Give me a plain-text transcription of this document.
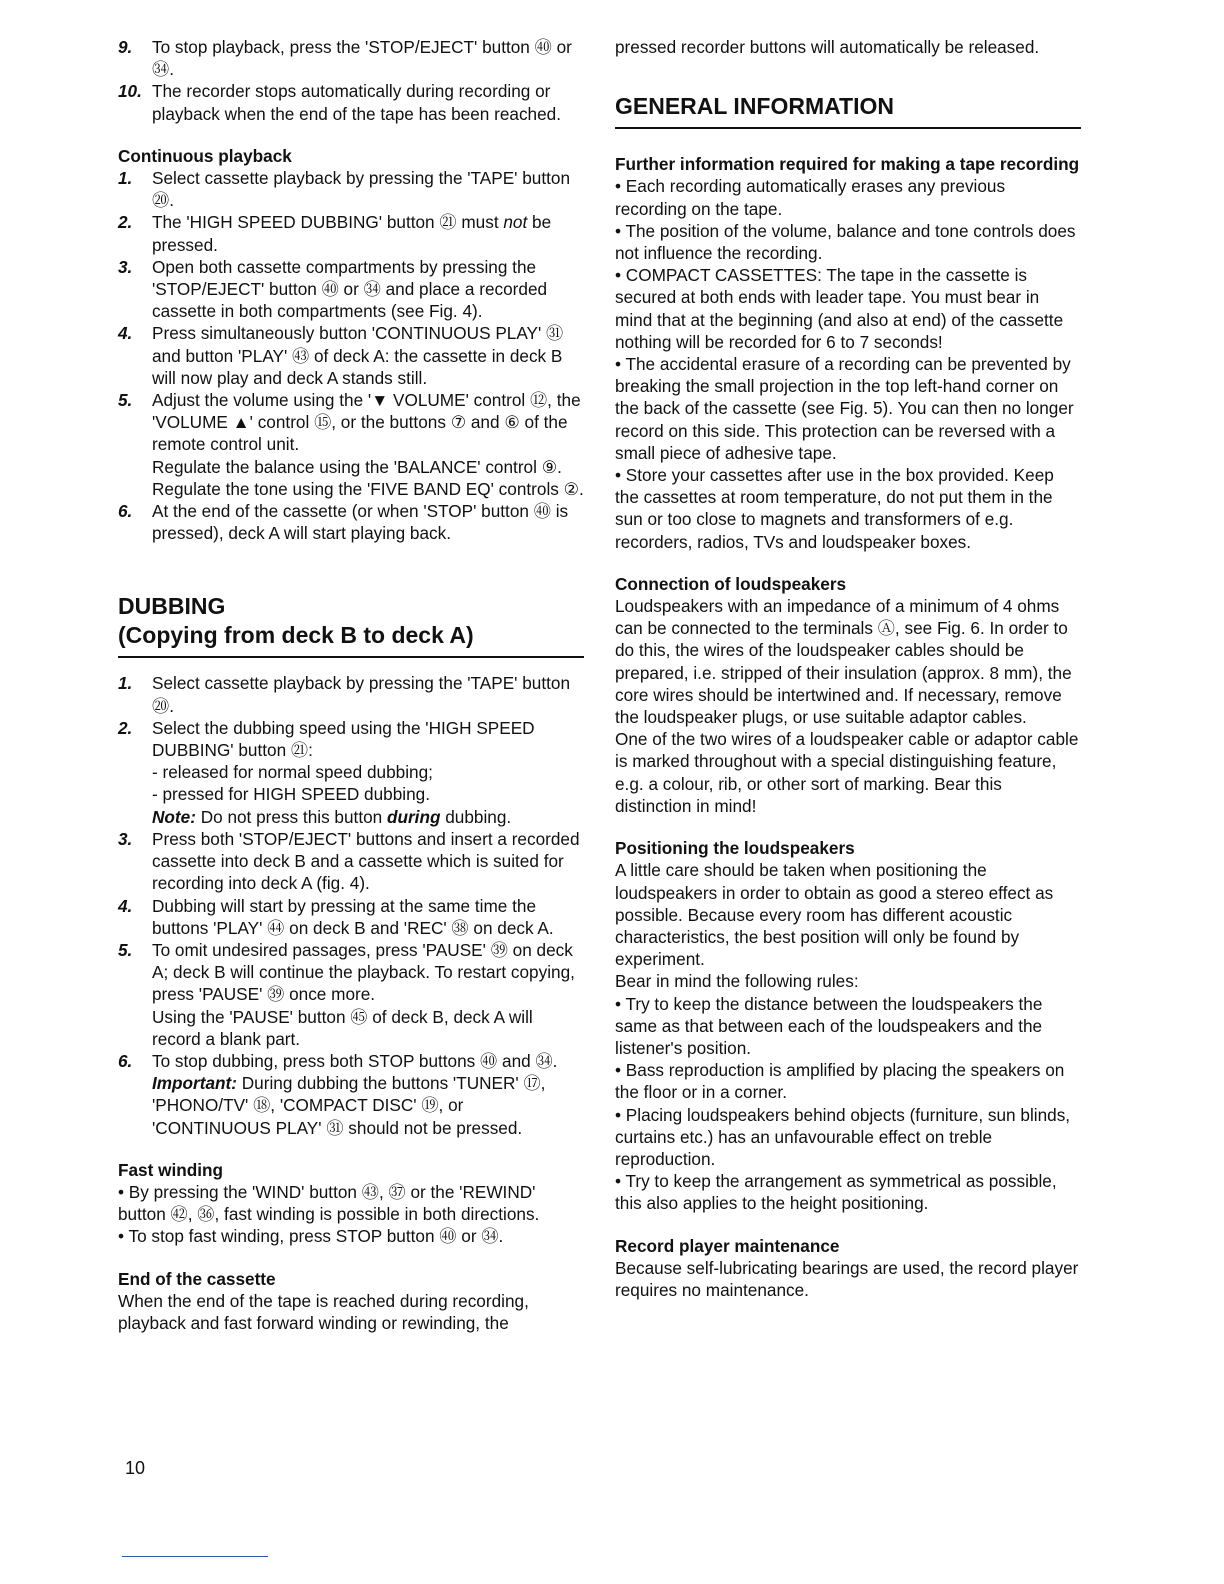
9. To stop playback, press the 'STOP/EJECT' button ㊵ or ㉞.
10. The recorder stops automatically during recording or playback when the end of the tape has been reached.

Continuous playback

1. Select cassette playback by pressing the 'TAPE' button ⑳.
2. The 'HIGH SPEED DUBBING' button ㉑ must not be pressed.
3. Open both cassette compartments by pressing the 'STOP/EJECT' button ㊵ or ㉞ and place a recorded cassette in both compartments (see Fig. 4).
4. Press simultaneously button 'CONTINUOUS PLAY' ㉛ and button 'PLAY' ㊸ of deck A: the cassette in deck B will now play and deck A stands still.
5. Adjust the volume using the '▼ VOLUME' control ⑫, the 'VOLUME ▲' control ⑮, or the buttons ⑦ and ⑥ of the remote control unit.
Regulate the balance using the 'BALANCE' control ⑨.
Regulate the tone using the 'FIVE BAND EQ' controls ②.
6. At the end of the cassette (or when 'STOP' button ㊵ is pressed), deck A will start playing back.

DUBBING

(Copying from deck B to deck A)

1. Select cassette playback by pressing the 'TAPE' button ⑳.
2. Select the dubbing speed using the 'HIGH SPEED DUBBING' button ㉑:
- released for normal speed dubbing;
- pressed for HIGH SPEED dubbing.
Note: Do not press this button during dubbing.
3. Press both 'STOP/EJECT' buttons and insert a recorded cassette into deck B and a cassette which is suited for recording into deck A (fig. 4).
4. Dubbing will start by pressing at the same time the buttons 'PLAY' ㊹ on deck B and 'REC' ㊳ on deck A.
5. To omit undesired passages, press 'PAUSE' ㊴ on deck A; deck B will continue the playback. To restart copying, press 'PAUSE' ㊴ once more.
Using the 'PAUSE' button ㊺ of deck B, deck A will record a blank part.
6. To stop dubbing, press both STOP buttons ㊵ and ㉞.
Important: During dubbing the buttons 'TUNER' ⑰, 'PHONO/TV' ⑱, 'COMPACT DISC' ⑲, or 'CONTINUOUS PLAY' ㉛ should not be pressed.

Fast winding

• By pressing the 'WIND' button ㊸, ㊲ or the 'REWIND' button ㊷, ㊱, fast winding is possible in both directions.

• To stop fast winding, press STOP button ㊵ or ㉞.

End of the cassette

When the end of the tape is reached during recording, playback and fast forward winding or rewinding, the

pressed recorder buttons will automatically be released.

GENERAL INFORMATION

Further information required for making a tape recording

• Each recording automatically erases any previous recording on the tape.

• The position of the volume, balance and tone controls does not influence the recording.

• COMPACT CASSETTES: The tape in the cassette is secured at both ends with leader tape. You must bear in mind that at the beginning (and also at end) of the cassette nothing will be recorded for 6 to 7 seconds!

• The accidental erasure of a recording can be prevented by breaking the small projection in the top left-hand corner on the back of the cassette (see Fig. 5). You can then no longer record on this side. This protection can be reversed with a small piece of adhesive tape.

• Store your cassettes after use in the box provided. Keep the cassettes at room temperature, do not put them in the sun or too close to magnets and transformers of e.g. recorders, radios, TVs and loudspeaker boxes.

Connection of loudspeakers

Loudspeakers with an impedance of a minimum of 4 ohms can be connected to the terminals Ⓐ, see Fig. 6. In order to do this, the wires of the loudspeaker cables should be prepared, i.e. stripped of their insulation (approx. 8 mm), the core wires should be intertwined and. If necessary, remove the loudspeaker plugs, or use suitable adaptor cables.

One of the two wires of a loudspeaker cable or adaptor cable is marked throughout with a special distinguishing feature, e.g. a colour, rib, or other sort of marking. Bear this distinction in mind!

Positioning the loudspeakers

A little care should be taken when positioning the loudspeakers in order to obtain as good a stereo effect as possible. Because every room has different acoustic characteristics, the best position will only be found by experiment.

Bear in mind the following rules:

• Try to keep the distance between the loudspeakers the same as that between each of the loudspeakers and the listener's position.

• Bass reproduction is amplified by placing the speakers on the floor or in a corner.

• Placing loudspeakers behind objects (furniture, sun blinds, curtains etc.) has an unfavourable effect on treble reproduction.

• Try to keep the arrangement as symmetrical as possible, this also applies to the height positioning.

Record player maintenance

Because self-lubricating bearings are used, the record player requires no maintenance.

10
